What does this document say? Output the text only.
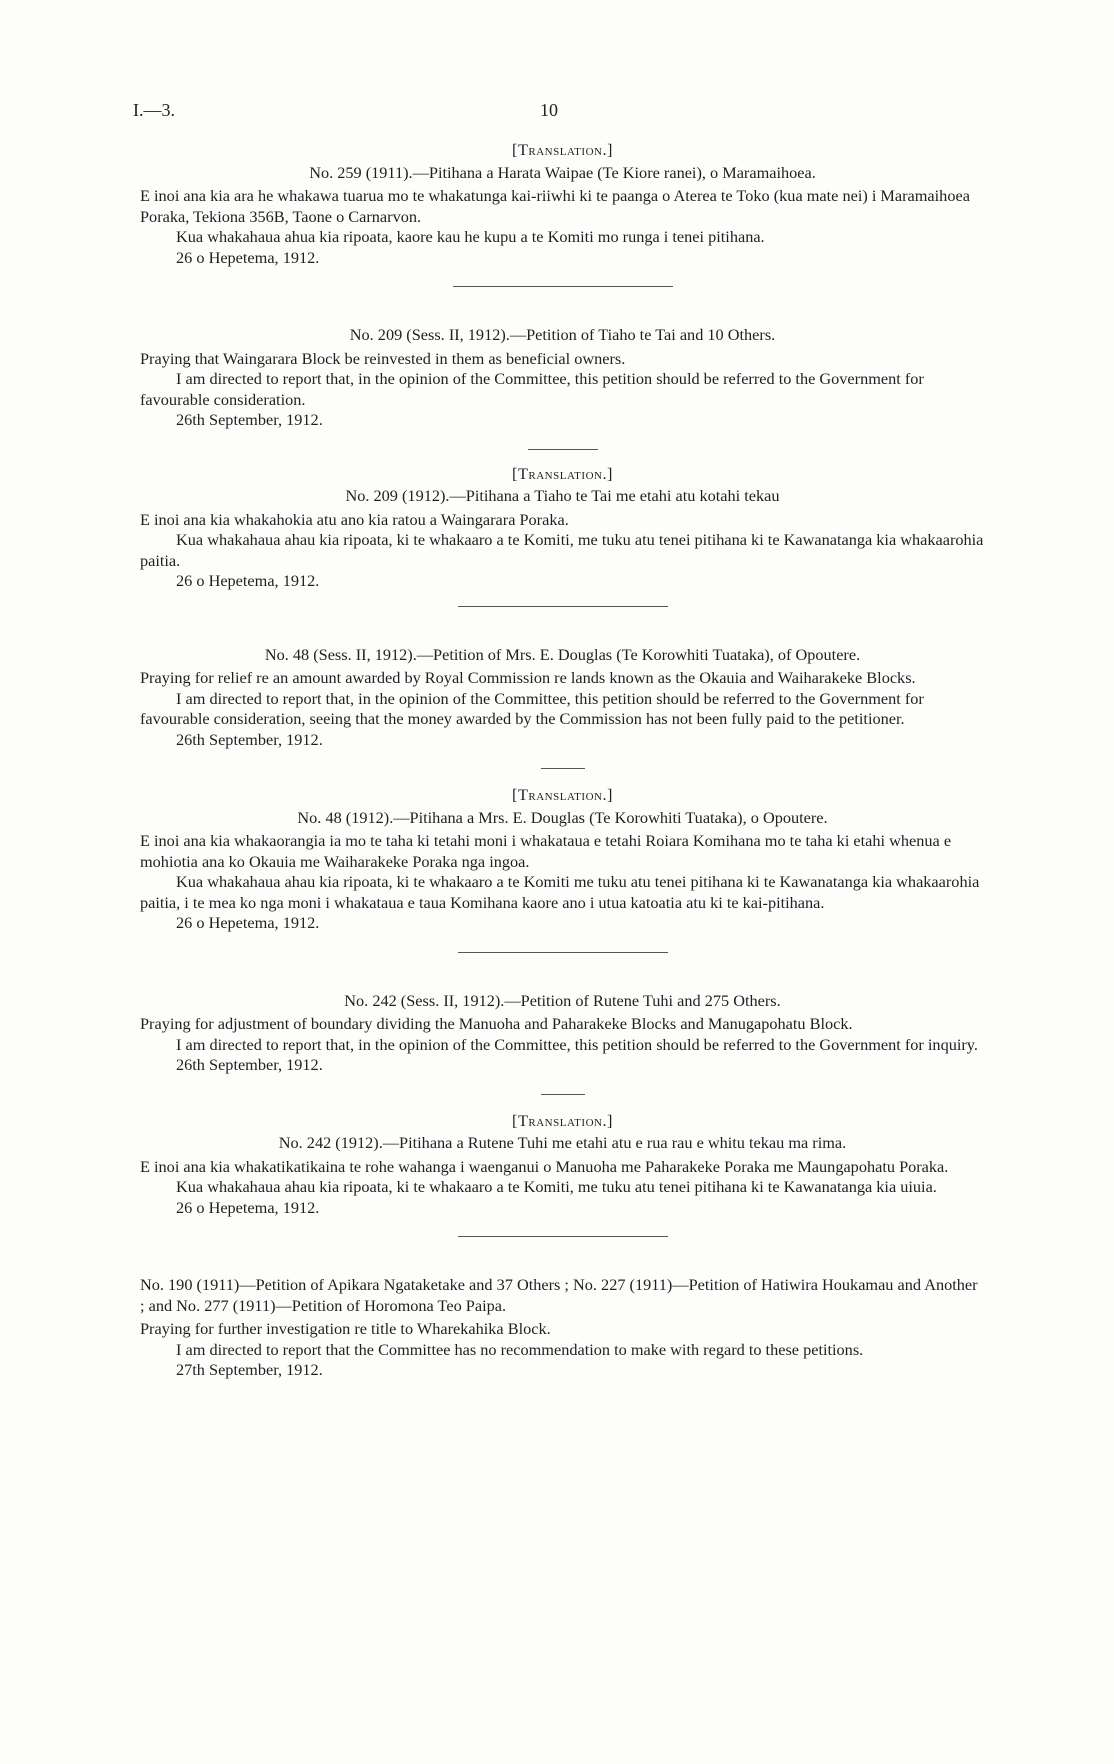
I.—3.	10

[Translation.]

No. 259 (1911).—Pitihana a Harata Waipae (Te Kiore ranei), o Maramaihoea.

E inoi ana kia ara he whakawa tuarua mo te whakatunga kai-riiwhi ki te paanga o Aterea te Toko (kua mate nei) i Maramaihoea Poraka, Tekiona 356B, Taone o Carnarvon.

Kua whakahaua ahua kia ripoata, kaore kau he kupu a te Komiti mo runga i tenei pitihana.

26 o Hepetema, 1912.

No. 209 (Sess. II, 1912).—Petition of Tiaho te Tai and 10 Others.

Praying that Waingarara Block be reinvested in them as beneficial owners.

I am directed to report that, in the opinion of the Committee, this petition should be referred to the Government for favourable consideration.

26th September, 1912.

[Translation.]

No. 209 (1912).—Pitihana a Tiaho te Tai me etahi atu kotahi tekau

E inoi ana kia whakahokia atu ano kia ratou a Waingarara Poraka.

Kua whakahaua ahau kia ripoata, ki te whakaaro a te Komiti, me tuku atu tenei pitihana ki te Kawanatanga kia whakaarohia paitia.

26 o Hepetema, 1912.

No. 48 (Sess. II, 1912).—Petition of Mrs. E. Douglas (Te Korowhiti Tuataka), of Opoutere.

Praying for relief re an amount awarded by Royal Commission re lands known as the Okauia and Waiharakeke Blocks.

I am directed to report that, in the opinion of the Committee, this petition should be referred to the Government for favourable consideration, seeing that the money awarded by the Commission has not been fully paid to the petitioner.

26th September, 1912.

[Translation.]

No. 48 (1912).—Pitihana a Mrs. E. Douglas (Te Korowhiti Tuataka), o Opoutere.

E inoi ana kia whakaorangia ia mo te taha ki tetahi moni i whakataua e tetahi Roiara Komihana mo te taha ki etahi whenua e mohiotia ana ko Okauia me Waiharakeke Poraka nga ingoa.

Kua whakahaua ahau kia ripoata, ki te whakaaro a te Komiti me tuku atu tenei pitihana ki te Kawanatanga kia whakaarohia paitia, i te mea ko nga moni i whakataua e taua Komihana kaore ano i utua katoatia atu ki te kai-pitihana.

26 o Hepetema, 1912.

No. 242 (Sess. II, 1912).—Petition of Rutene Tuhi and 275 Others.

Praying for adjustment of boundary dividing the Manuoha and Paharakeke Blocks and Manugapohatu Block.

I am directed to report that, in the opinion of the Committee, this petition should be referred to the Government for inquiry.

26th September, 1912.

[Translation.]

No. 242 (1912).—Pitihana a Rutene Tuhi me etahi atu e rua rau e whitu tekau ma rima.

E inoi ana kia whakatikatikaina te rohe wahanga i waenganui o Manuoha me Paharakeke Poraka me Maungapohatu Poraka.

Kua whakahaua ahau kia ripoata, ki te whakaaro a te Komiti, me tuku atu tenei pitihana ki te Kawanatanga kia uiuia.

26 o Hepetema, 1912.

No. 190 (1911)—Petition of Apikara Ngataketake and 37 Others ; No. 227 (1911)—Petition of Hatiwira Houkamau and Another ; and No. 277 (1911)—Petition of Horomona Teo Paipa.

Praying for further investigation re title to Wharekahika Block.

I am directed to report that the Committee has no recommendation to make with regard to these petitions.

27th September, 1912.
